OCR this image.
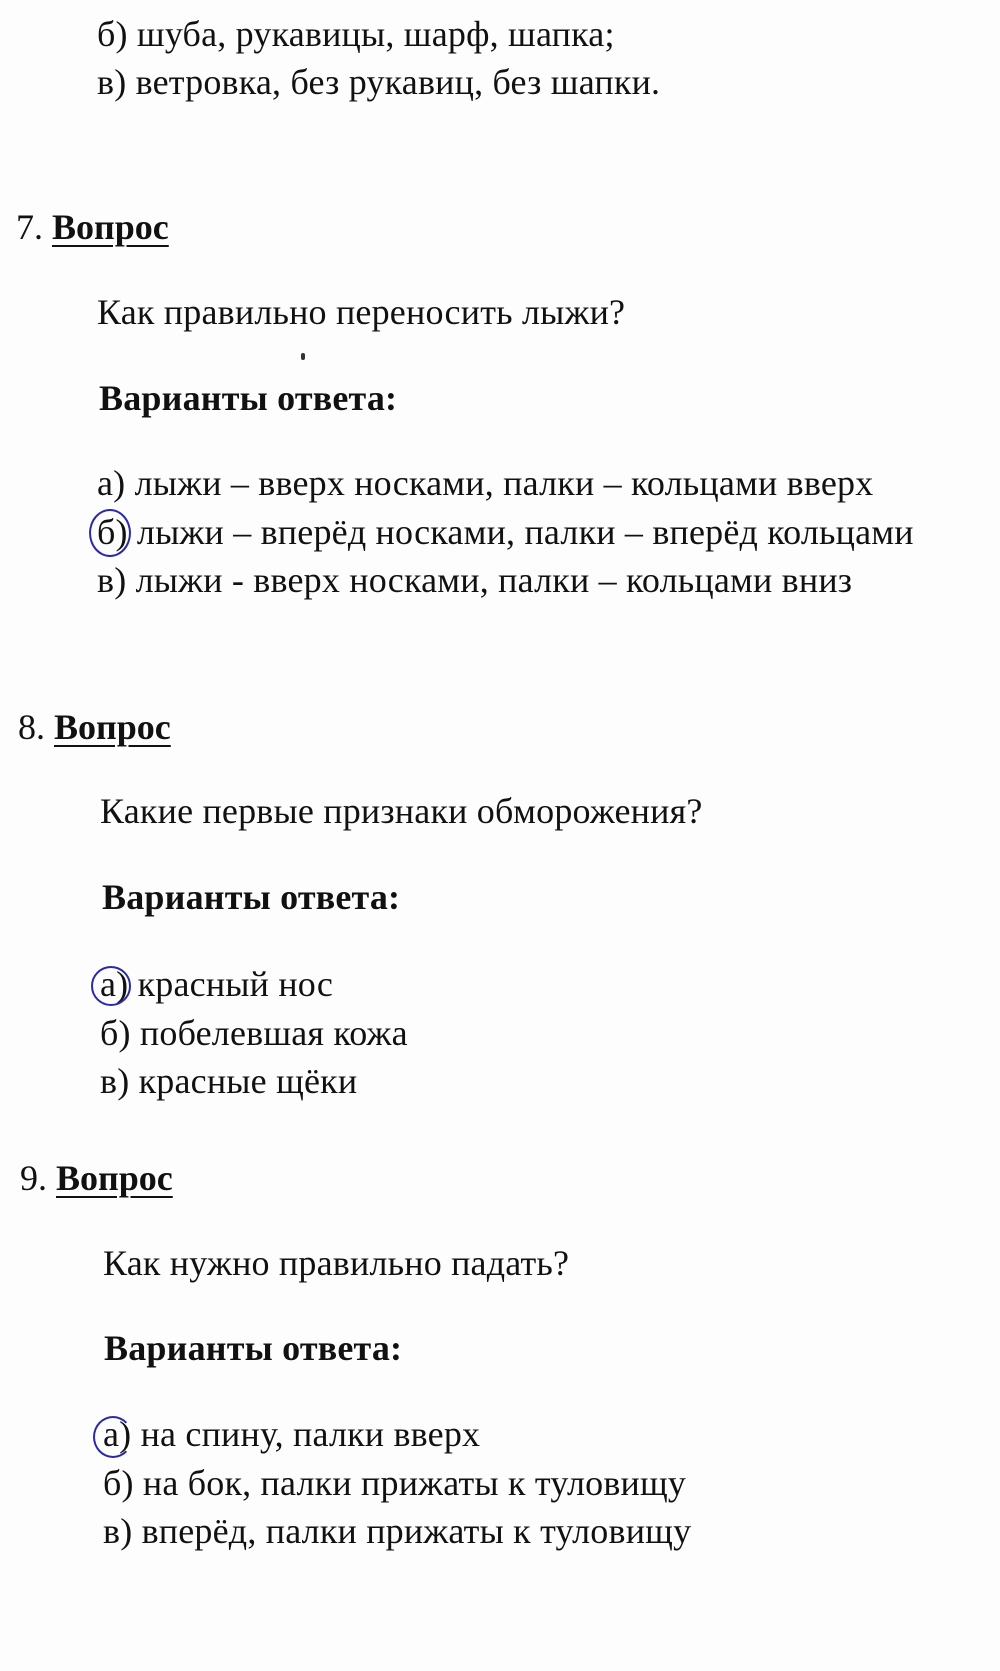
б) шуба, рукавицы, шарф, шапка;
в) ветровка, без рукавиц, без шапки.
7. Вопрос
Как правильно переносить лыжи?
Варианты ответа:
а) лыжи – вверх носками, палки – кольцами вверх
б) лыжи – вперёд носками, палки – вперёд кольцами
в) лыжи - вверх носками, палки – кольцами вниз
8. Вопрос
Какие первые признаки обморожения?
Варианты ответа:
а) красный нос
б) побелевшая кожа
в) красные щёки
9. Вопрос
Как нужно правильно падать?
Варианты ответа:
а) на спину, палки вверх
б) на бок, палки прижаты к туловищу
в) вперёд, палки прижаты к туловищу
